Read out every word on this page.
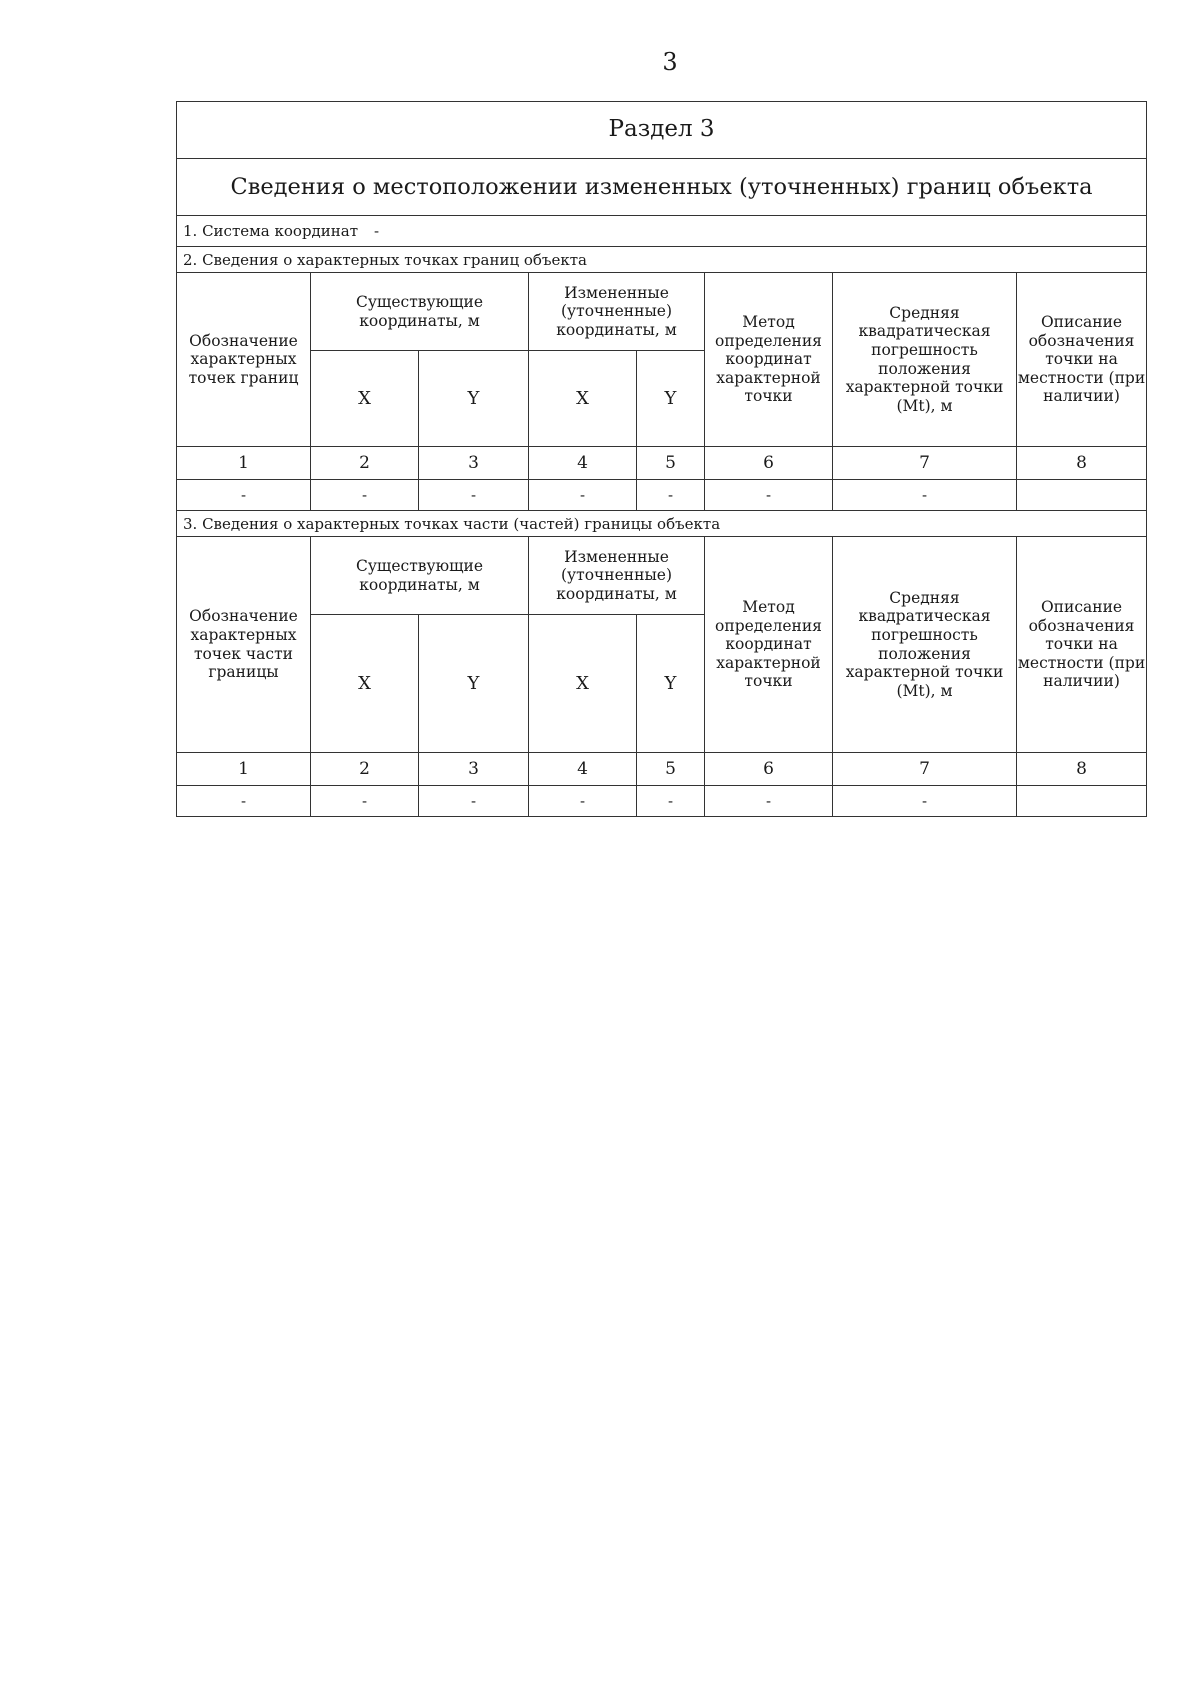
3
Раздел 3							
Сведения о местоположении измененных (уточненных) границ объекта							
1. Система координат -							
2. Сведения о характерных точках границ объекта							
Обозначение характерных точек границ	Существующие координаты, м		Измененные (уточненные) координаты, м		Метод определения координат характерной точки	Средняя квадратическая погрешность положения характерной точки (Mt), м	Описание обозначения точки на местности (при наличии)
	X	Y	X	Y			
1	2	3	4	5	6	7	8
-	-	-	-	-	-	-	
3. Сведения о характерных точках части (частей) границы объекта							
Обозначение характерных точек части границы	Существующие координаты, м		Измененные (уточненные) координаты, м		Метод определения координат характерной точки	Средняя квадратическая погрешность положения характерной точки (Mt), м	Описание обозначения точки на местности (при наличии)
	X	Y	X	Y			
1	2	3	4	5	6	7	8
-	-	-	-	-	-	-	
